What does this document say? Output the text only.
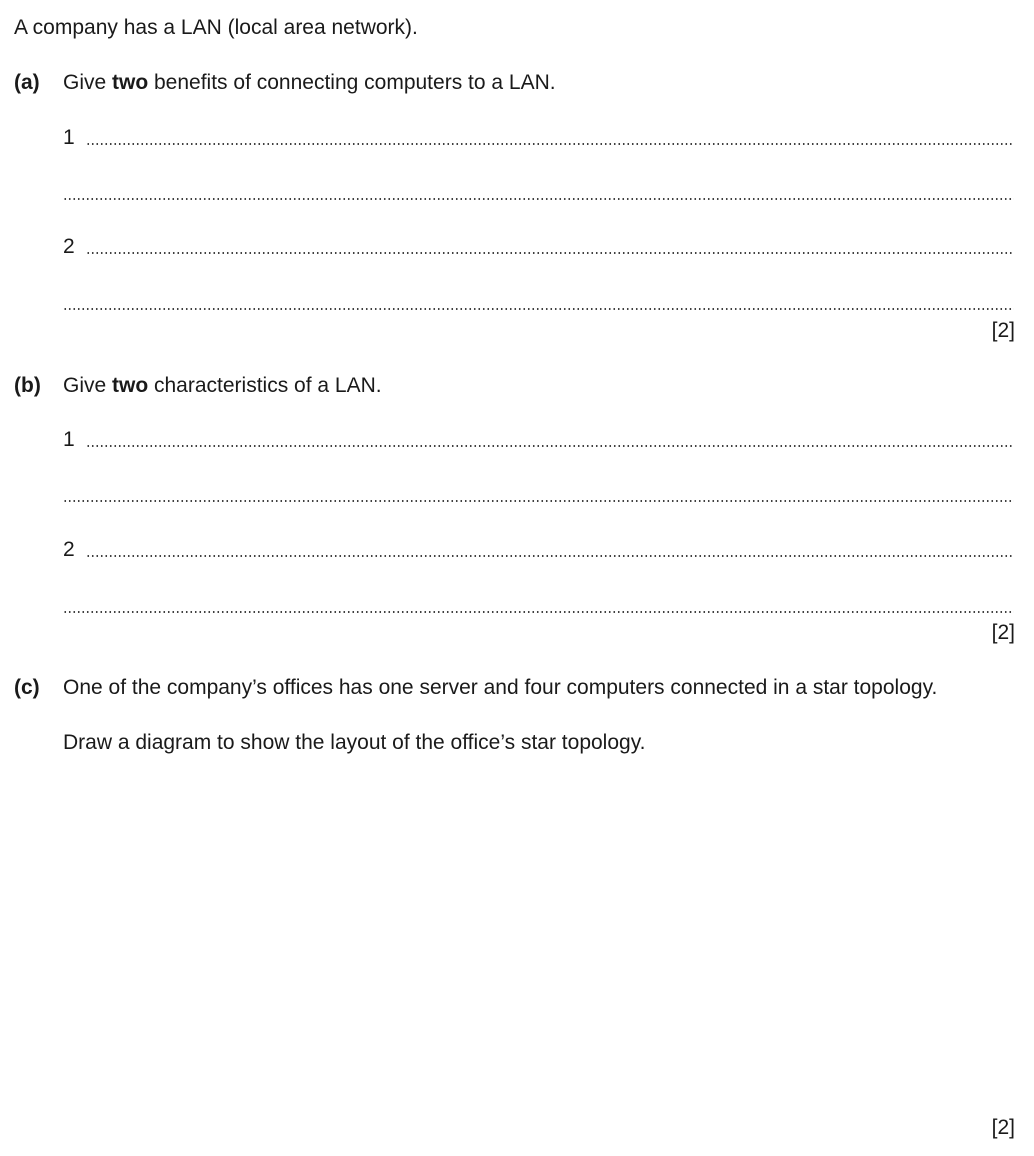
A company has a LAN (local area network).
(a) Give two benefits of connecting computers to a LAN.
1
2
[2]
(b) Give two characteristics of a LAN.
1
2
[2]
(c) One of the company’s offices has one server and four computers connected in a star topology.
Draw a diagram to show the layout of the office’s star topology.
[2]
